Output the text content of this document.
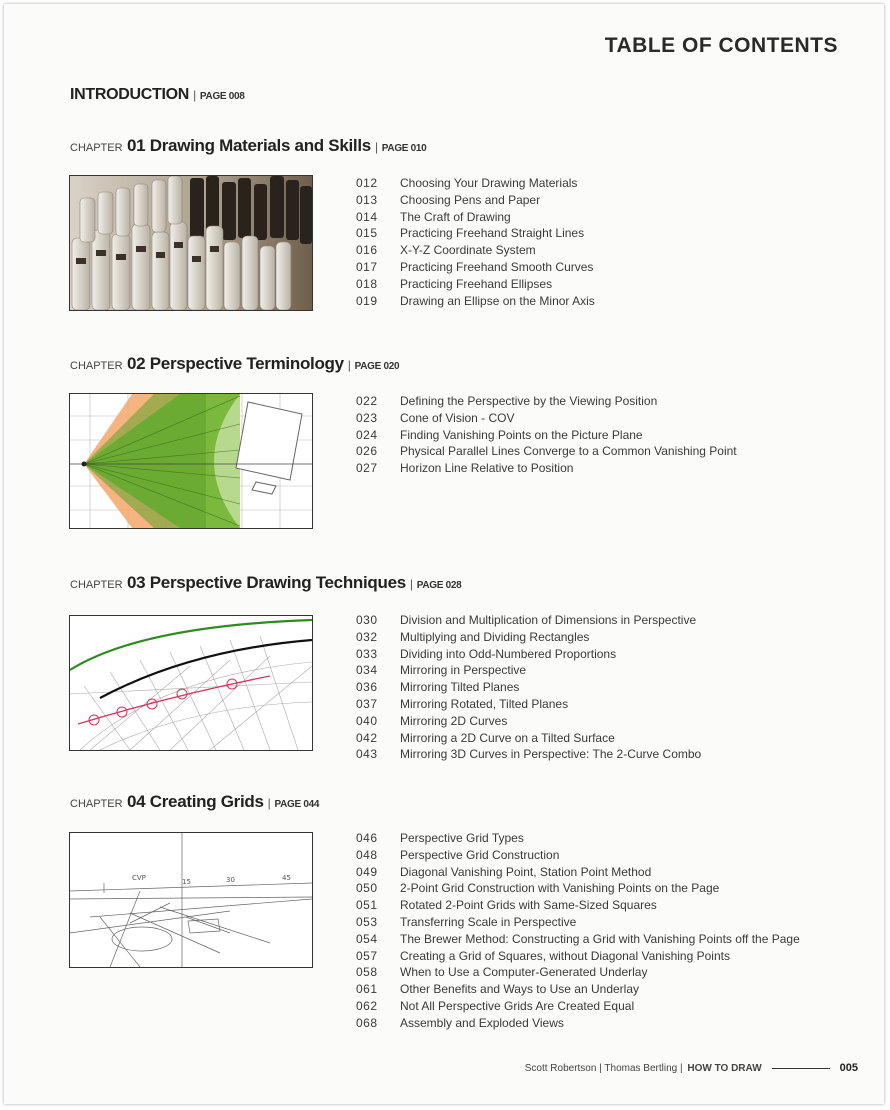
TABLE OF CONTENTS
INTRODUCTION | PAGE 008
CHAPTER 01 Drawing Materials and Skills | PAGE 010
012 Choosing Your Drawing Materials
013 Choosing Pens and Paper
014 The Craft of Drawing
015 Practicing Freehand Straight Lines
016 X-Y-Z Coordinate System
017 Practicing Freehand Smooth Curves
018 Practicing Freehand Ellipses
019 Drawing an Ellipse on the Minor Axis
CHAPTER 02 Perspective Terminology | PAGE 020
022 Defining the Perspective by the Viewing Position
023 Cone of Vision - COV
024 Finding Vanishing Points on the Picture Plane
026 Physical Parallel Lines Converge to a Common Vanishing Point
027 Horizon Line Relative to Position
CHAPTER 03 Perspective Drawing Techniques | PAGE 028
030 Division and Multiplication of Dimensions in Perspective
032 Multiplying and Dividing Rectangles
033 Dividing into Odd-Numbered Proportions
034 Mirroring in Perspective
036 Mirroring Tilted Planes
037 Mirroring Rotated, Tilted Planes
040 Mirroring 2D Curves
042 Mirroring a 2D Curve on a Tilted Surface
043 Mirroring 3D Curves in Perspective: The 2-Curve Combo
CHAPTER 04 Creating Grids | PAGE 044
CVP	15	30	45
046 Perspective Grid Types
048 Perspective Grid Construction
049 Diagonal Vanishing Point, Station Point Method
050 2-Point Grid Construction with Vanishing Points on the Page
051 Rotated 2-Point Grids with Same-Sized Squares
053 Transferring Scale in Perspective
054 The Brewer Method: Constructing a Grid with Vanishing Points off the Page
057 Creating a Grid of Squares, without Diagonal Vanishing Points
058 When to Use a Computer-Generated Underlay
061 Other Benefits and Ways to Use an Underlay
062 Not All Perspective Grids Are Created Equal
068 Assembly and Exploded Views
Scott Robertson | Thomas Bertling |
HOW TO DRAW	005
